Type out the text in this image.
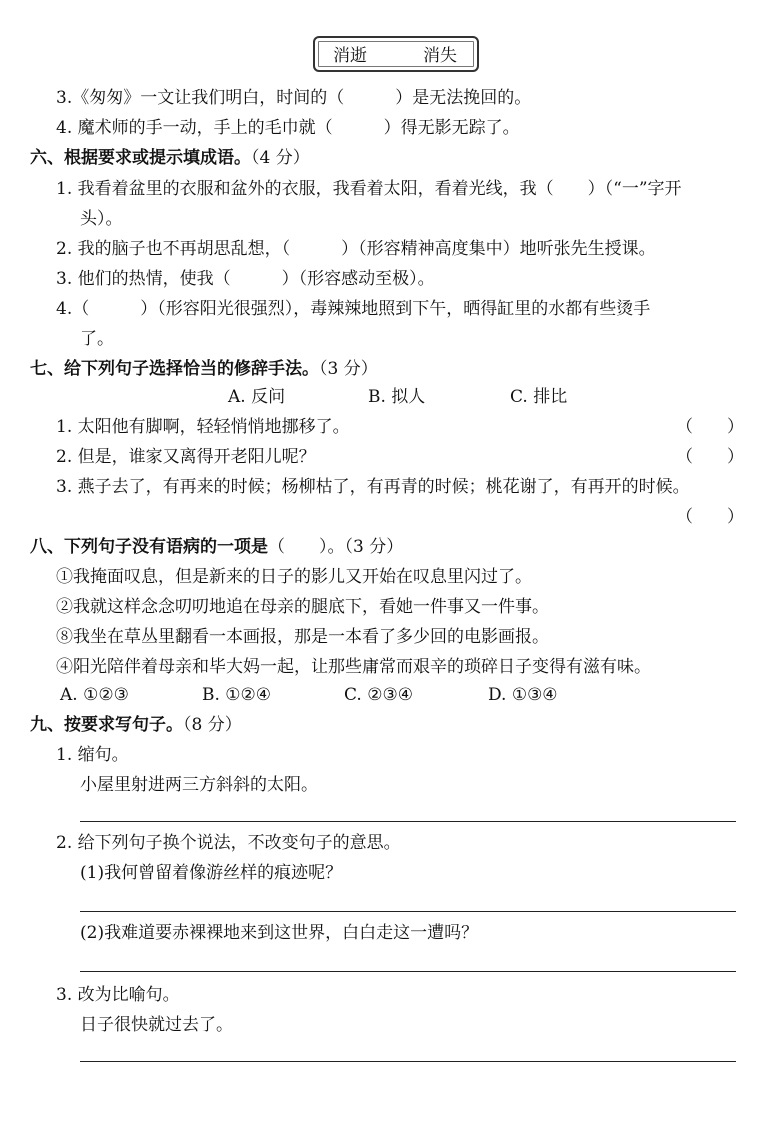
消逝	消失
3.《匆匆》一文让我们明白，时间的（　　　）是无法挽回的。
4. 魔术师的手一动，手上的毛巾就（　　　）得无影无踪了。
六、根据要求或提示填成语。（4 分）
1. 我看着盆里的衣服和盆外的衣服，我看着太阳，看着光线，我（　　）（“一”字开
头）。
2. 我的脑子也不再胡思乱想，（　　　）（形容精神高度集中）地听张先生授课。
3. 他们的热情，使我（　　　）（形容感动至极）。
4.（　　　）（形容阳光很强烈），毒辣辣地照到下午，晒得缸里的水都有些烫手
了。
七、给下列句子选择恰当的修辞手法。（3 分）
A. 反问	B. 拟人	C. 排比
1. 太阳他有脚啊，轻轻悄悄地挪移了。	（　　）
2. 但是，谁家又离得开老阳儿呢？	（　　）
3. 燕子去了，有再来的时候；杨柳枯了，有再青的时候；桃花谢了，有再开的时候。
（　　）
八、下列句子没有语病的一项是（　　）。（3 分）
①我掩面叹息，但是新来的日子的影儿又开始在叹息里闪过了。
②我就这样念念叨叨地追在母亲的腿底下，看她一件事又一件事。
⑧我坐在草丛里翻看一本画报，那是一本看了多少回的电影画报。
④阳光陪伴着母亲和毕大妈一起，让那些庸常而艰辛的琐碎日子变得有滋有味。
A. ①②③	B. ①②④	C. ②③④	D. ①③④
九、按要求写句子。（8 分）
1. 缩句。
小屋里射进两三方斜斜的太阳。
2. 给下列句子换个说法，不改变句子的意思。
(1)我何曾留着像游丝样的痕迹呢？
(2)我难道要赤裸裸地来到这世界，白白走这一遭吗？
3. 改为比喻句。
日子很快就过去了。
